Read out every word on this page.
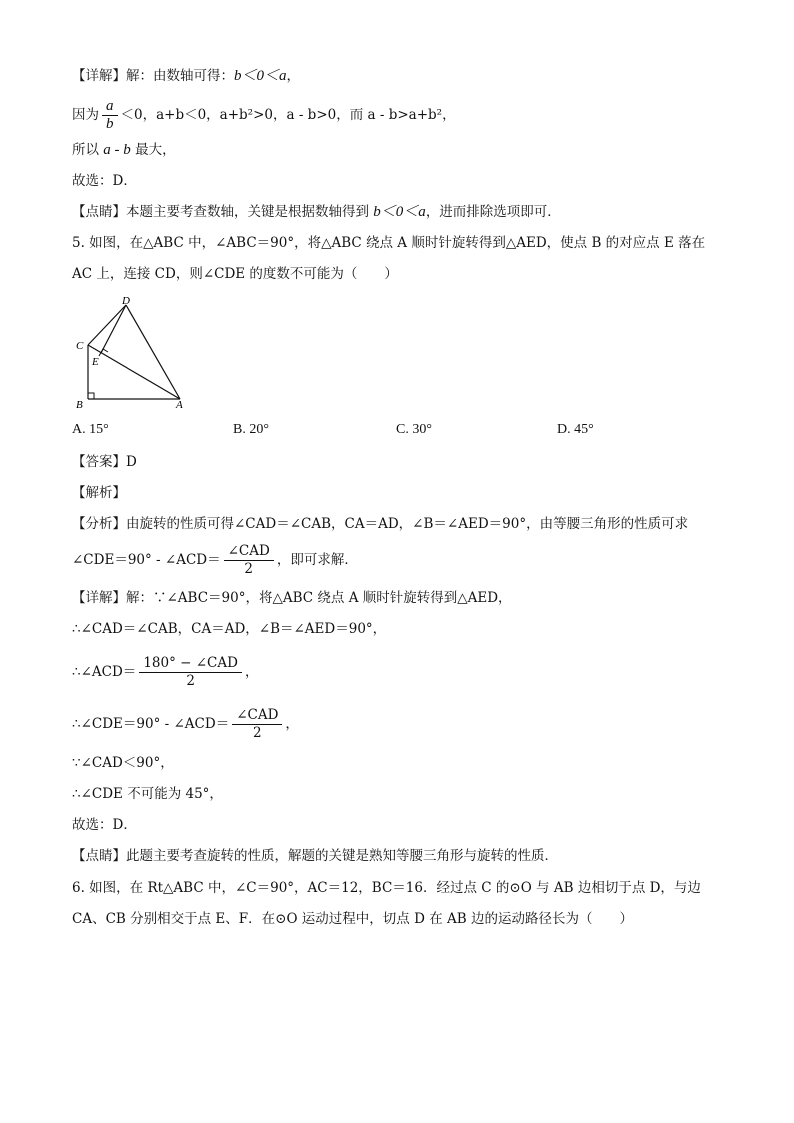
【详解】解：由数轴可得：b＜0＜a，
因为 $\frac{a}{b} <0$，a+b＜0，a+b²>0，a - b>0，而 a - b>a+b²，
所以 a - b 最大，
故选：D．
【点睛】本题主要考查数轴，关键是根据数轴得到 b＜0＜a，进而排除选项即可．
5. 如图，在△ABC 中，∠ABC＝90°，将△ABC 绕点 A 顺时针旋转得到△AED，使点 B 的对应点 E 落在
AC 上，连接 CD，则∠CDE 的度数不可能为（　　）
D
C
E
B	A
A. 15°	B. 20°	C. 30°	D. 45°
【答案】D
【解析】
【分析】由旋转的性质可得∠CAD＝∠CAB，CA＝AD，∠B＝∠AED＝90°，由等腰三角形的性质可求
∠CDE＝90° - ∠ACD＝ $\frac{\text{∠CAD}}{2}$ ，即可求解．
【详解】解：∵∠ABC＝90°，将△ABC 绕点 A 顺时针旋转得到△AED，
∴∠CAD＝∠CAB，CA＝AD，∠B＝∠AED＝90°，
∴∠ACD＝ $\frac{\text{180° − ∠CAD}}{2}$ ，
∴∠CDE＝90° - ∠ACD＝ $\frac{\text{∠CAD}}{2}$ ，
∵∠CAD＜90°，
∴∠CDE 不可能为 45°，
故选：D．
【点睛】此题主要考查旋转的性质，解题的关键是熟知等腰三角形与旋转的性质．
6. 如图，在 Rt△ABC 中，∠C＝90°，AC＝12，BC＝16．经过点 C 的⊙O 与 AB 边相切于点 D，与边
CA、CB 分别相交于点 E、F．在⊙O 运动过程中，切点 D 在 AB 边的运动路径长为（　　）
